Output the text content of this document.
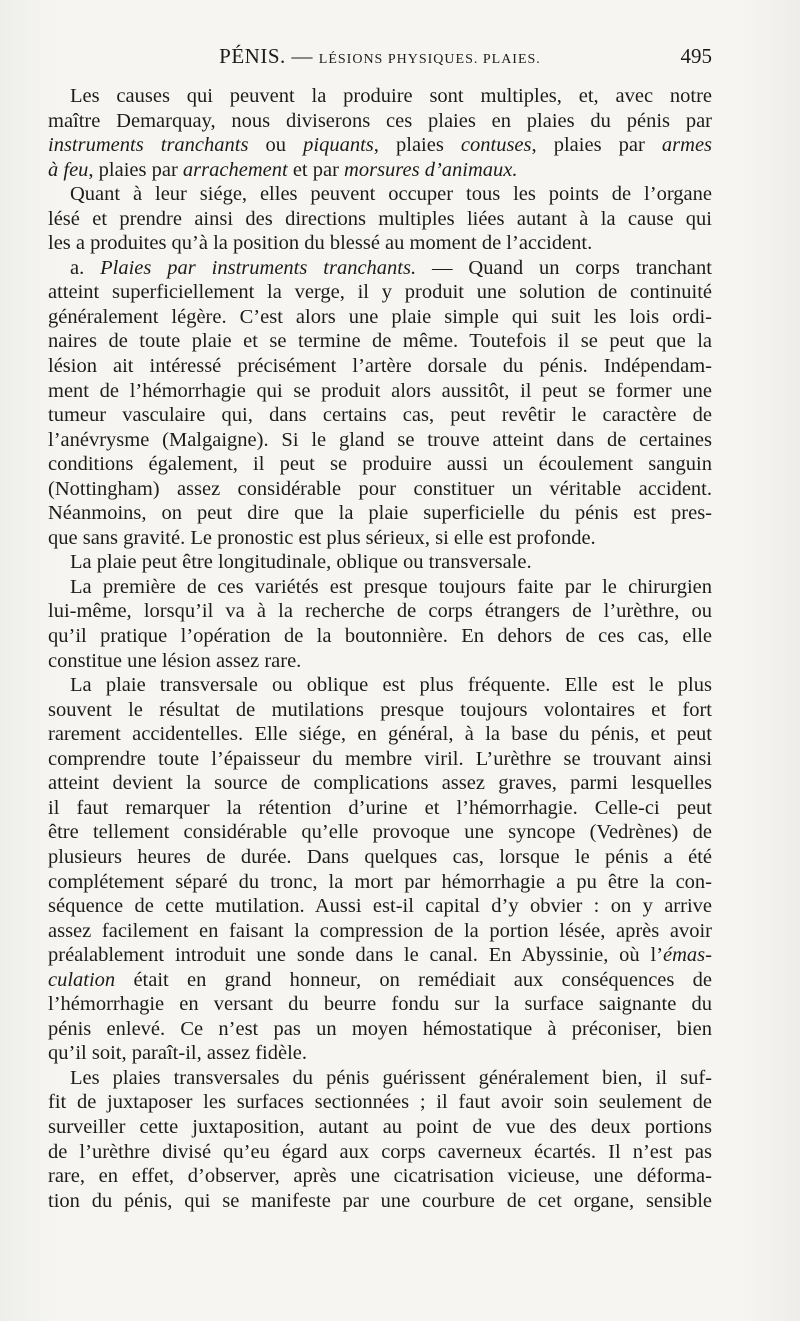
PÉNIS. — LÉSIONS PHYSIQUES. PLAIES.	495
Les causes qui peuvent la produire sont multiples, et, avec notre
maître Demarquay, nous diviserons ces plaies en plaies du pénis par
instruments tranchants ou piquants, plaies contuses, plaies par armes
à feu, plaies par arrachement et par morsures d’animaux.
Quant à leur siége, elles peuvent occuper tous les points de l’organe
lésé et prendre ainsi des directions multiples liées autant à la cause qui
les a produites qu’à la position du blessé au moment de l’accident.
a. Plaies par instruments tranchants. — Quand un corps tranchant
atteint superficiellement la verge, il y produit une solution de continuité
généralement légère. C’est alors une plaie simple qui suit les lois ordi-
naires de toute plaie et se termine de même. Toutefois il se peut que la
lésion ait intéressé précisément l’artère dorsale du pénis. Indépendam-
ment de l’hémorrhagie qui se produit alors aussitôt, il peut se former une
tumeur vasculaire qui, dans certains cas, peut revêtir le caractère de
l’anévrysme (Malgaigne). Si le gland se trouve atteint dans de certaines
conditions également, il peut se produire aussi un écoulement sanguin
(Nottingham) assez considérable pour constituer un véritable accident.
Néanmoins, on peut dire que la plaie superficielle du pénis est pres-
que sans gravité. Le pronostic est plus sérieux, si elle est profonde.
La plaie peut être longitudinale, oblique ou transversale.
La première de ces variétés est presque toujours faite par le chirurgien
lui-même, lorsqu’il va à la recherche de corps étrangers de l’urèthre, ou
qu’il pratique l’opération de la boutonnière. En dehors de ces cas, elle
constitue une lésion assez rare.
La plaie transversale ou oblique est plus fréquente. Elle est le plus
souvent le résultat de mutilations presque toujours volontaires et fort
rarement accidentelles. Elle siége, en général, à la base du pénis, et peut
comprendre toute l’épaisseur du membre viril. L’urèthre se trouvant ainsi
atteint devient la source de complications assez graves, parmi lesquelles
il faut remarquer la rétention d’urine et l’hémorrhagie. Celle-ci peut
être tellement considérable qu’elle provoque une syncope (Vedrènes) de
plusieurs heures de durée. Dans quelques cas, lorsque le pénis a été
complétement séparé du tronc, la mort par hémorrhagie a pu être la con-
séquence de cette mutilation. Aussi est-il capital d’y obvier : on y arrive
assez facilement en faisant la compression de la portion lésée, après avoir
préalablement introduit une sonde dans le canal. En Abyssinie, où l’émas-
culation était en grand honneur, on remédiait aux conséquences de
l’hémorrhagie en versant du beurre fondu sur la surface saignante du
pénis enlevé. Ce n’est pas un moyen hémostatique à préconiser, bien
qu’il soit, paraît-il, assez fidèle.
Les plaies transversales du pénis guérissent généralement bien, il suf-
fit de juxtaposer les surfaces sectionnées ; il faut avoir soin seulement de
surveiller cette juxtaposition, autant au point de vue des deux portions
de l’urèthre divisé qu’eu égard aux corps caverneux écartés. Il n’est pas
rare, en effet, d’observer, après une cicatrisation vicieuse, une déforma-
tion du pénis, qui se manifeste par une courbure de cet organe, sensible
